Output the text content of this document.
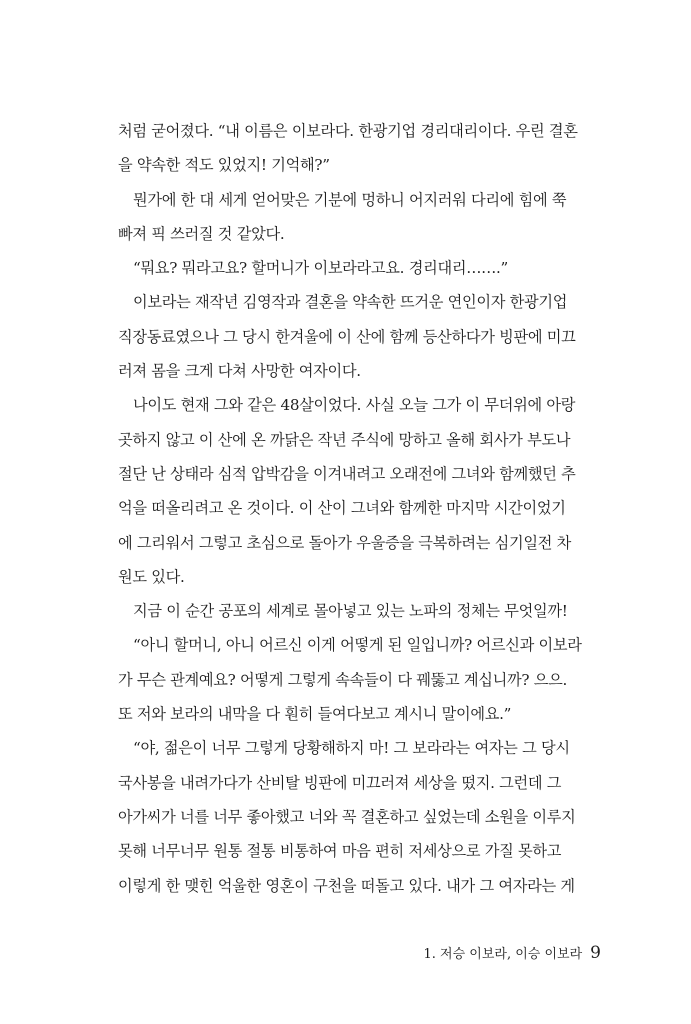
처럼 굳어졌다. “내 이름은 이보라다. 한광기업 경리대리이다. 우린 결혼
을 약속한 적도 있었지! 기억해?”
뭔가에 한 대 세게 얻어맞은 기분에 멍하니 어지러워 다리에 힘에 쭉
빠져 픽 쓰러질 것 같았다.
“뭐요? 뭐라고요? 할머니가 이보라라고요. 경리대리…….”
이보라는 재작년 김영작과 결혼을 약속한 뜨거운 연인이자 한광기업
직장동료였으나 그 당시 한겨울에 이 산에 함께 등산하다가 빙판에 미끄
러져 몸을 크게 다쳐 사망한 여자이다.
나이도 현재 그와 같은 48살이었다. 사실 오늘 그가 이 무더위에 아랑
곳하지 않고 이 산에 온 까닭은 작년 주식에 망하고 올해 회사가 부도나
절단 난 상태라 심적 압박감을 이겨내려고 오래전에 그녀와 함께했던 추
억을 떠올리려고 온 것이다. 이 산이 그녀와 함께한 마지막 시간이었기
에 그리워서 그렇고 초심으로 돌아가 우울증을 극복하려는 심기일전 차
원도 있다.
지금 이 순간 공포의 세계로 몰아넣고 있는 노파의 정체는 무엇일까!
“아니 할머니, 아니 어르신 이게 어떻게 된 일입니까? 어르신과 이보라
가 무슨 관계예요? 어떻게 그렇게 속속들이 다 꿰뚫고 계십니까? 으으.
또 저와 보라의 내막을 다 훤히 들여다보고 계시니 말이에요.”
“야, 젊은이 너무 그렇게 당황해하지 마! 그 보라라는 여자는 그 당시
국사봉을 내려가다가 산비탈 빙판에 미끄러져 세상을 떴지. 그런데 그
아가씨가 너를 너무 좋아했고 너와 꼭 결혼하고 싶었는데 소원을 이루지
못해 너무너무 원통 절통 비통하여 마음 편히 저세상으로 가질 못하고
이렇게 한 맺힌 억울한 영혼이 구천을 떠돌고 있다. 내가 그 여자라는 게
1. 저승 이보라, 이승 이보라 9
